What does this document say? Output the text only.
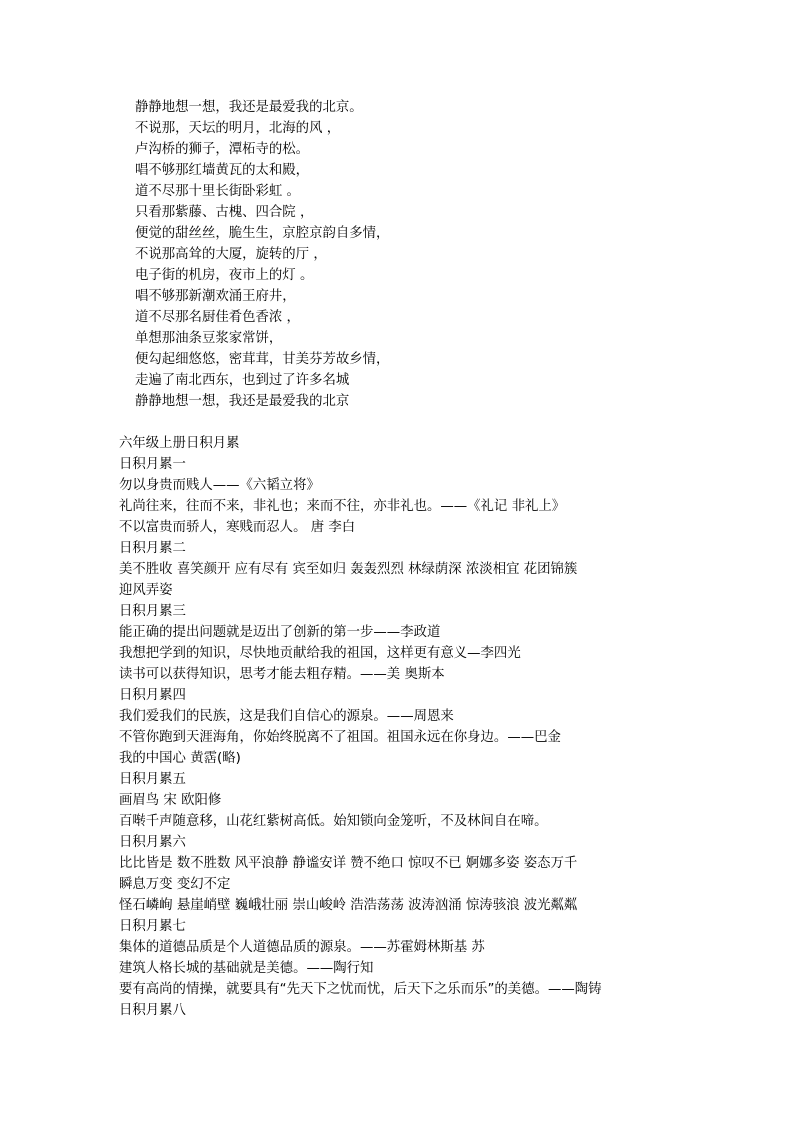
静静地想一想，我还是最爱我的北京。
不说那，天坛的明月，北海的风 ，
卢沟桥的狮子，潭柘寺的松。
唱不够那红墙黄瓦的太和殿，
道不尽那十里长街卧彩虹 。
只看那紫藤、古槐、四合院 ，
便觉的甜丝丝，脆生生，京腔京韵自多情，
不说那高耸的大厦，旋转的厅 ，
电子街的机房，夜市上的灯 。
唱不够那新潮欢涌王府井，
道不尽那名厨佳肴色香浓 ，
单想那油条豆浆家常饼，
便勾起细悠悠，密茸茸，甘美芬芳故乡情，
走遍了南北西东，也到过了许多名城
静静地想一想，我还是最爱我的北京
六年级上册日积月累
日积月累一
勿以身贵而贱人——《六韬立将》
礼尚往来，往而不来，非礼也；来而不往，亦非礼也。——《礼记 非礼上》
不以富贵而骄人，寒贱而忍人。 唐 李白
日积月累二
美不胜收 喜笑颜开 应有尽有 宾至如归 轰轰烈烈 林绿荫深 浓淡相宜 花团锦簇
迎风弄姿
日积月累三
能正确的提出问题就是迈出了创新的第一步——李政道
我想把学到的知识，尽快地贡献给我的祖国，这样更有意义—李四光
读书可以获得知识，思考才能去粗存精。——美 奥斯本
日积月累四
我们爱我们的民族，这是我们自信心的源泉。——周恩来
不管你跑到天涯海角，你始终脱离不了祖国。祖国永远在你身边。——巴金
我的中国心 黄霑(略)
日积月累五
画眉鸟 宋 欧阳修
百啭千声随意移，山花红紫树高低。始知锁向金笼听，不及林间自在啼。
日积月累六
比比皆是 数不胜数 风平浪静 静谧安详 赞不绝口 惊叹不已 婀娜多姿 姿态万千
瞬息万变 变幻不定
怪石嶙峋 悬崖峭壁 巍峨壮丽 崇山峻岭 浩浩荡荡 波涛汹涌 惊涛骇浪 波光粼粼
日积月累七
集体的道德品质是个人道德品质的源泉。——苏霍姆林斯基 苏
建筑人格长城的基础就是美德。——陶行知
要有高尚的情操，就要具有“先天下之忧而忧，后天下之乐而乐”的美德。——陶铸
日积月累八
